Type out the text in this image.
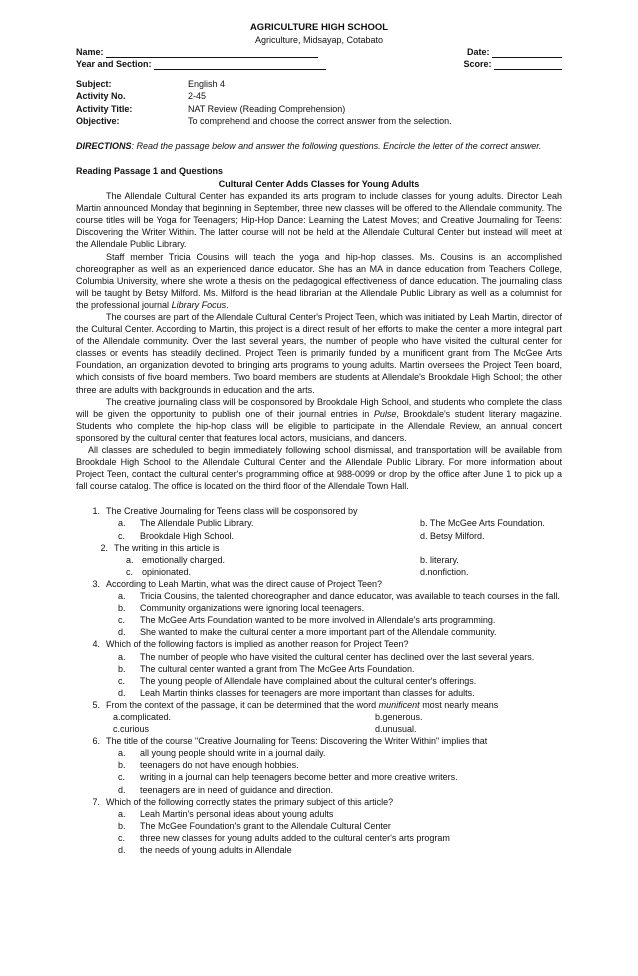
AGRICULTURE HIGH SCHOOL
Agriculture, Midsayap, Cotabato
Name:	Date:
Year and Section:	Score:
Subject:	English 4
Activity No.	2-45
Activity Title:	NAT Review (Reading Comprehension)
Objective:	To comprehend and choose the correct answer from the selection.
DIRECTIONS: Read the passage below and answer the following questions. Encircle the letter of the correct answer.
Reading Passage 1 and Questions
Cultural Center Adds Classes for Young Adults

The Allendale Cultural Center has expanded its arts program to include classes for young adults. Director Leah Martin announced Monday that beginning in September, three new classes will be offered to the Allendale community. The course titles will be Yoga for Teenagers; Hip-Hop Dance: Learning the Latest Moves; and Creative Journaling for Teens: Discovering the Writer Within. The latter course will not be held at the Allendale Cultural Center but instead will meet at the Allendale Public Library.

Staff member Tricia Cousins will teach the yoga and hip-hop classes. Ms. Cousins is an accomplished choreographer as well as an experienced dance educator. She has an MA in dance education from Teachers College, Columbia University, where she wrote a thesis on the pedagogical effectiveness of dance education. The journaling class will be taught by Betsy Milford. Ms. Milford is the head librarian at the Allendale Public Library as well as a columnist for the professional journal Library Focus.

The courses are part of the Allendale Cultural Center's Project Teen, which was initiated by Leah Martin, director of the Cultural Center. According to Martin, this project is a direct result of her efforts to make the center a more integral part of the Allendale community. Over the last several years, the number of people who have visited the cultural center for classes or events has steadily declined. Project Teen is primarily funded by a munificent grant from The McGee Arts Foundation, an organization devoted to bringing arts programs to young adults. Martin oversees the Project Teen board, which consists of five board members. Two board members are students at Allendale's Brookdale High School; the other three are adults with backgrounds in education and the arts.

The creative journaling class will be cosponsored by Brookdale High School, and students who complete the class will be given the opportunity to publish one of their journal entries in Pulse, Brookdale's student literary magazine. Students who complete the hip-hop class will be eligible to participate in the Allendale Review, an annual concert sponsored by the cultural center that features local actors, musicians, and dancers.

All classes are scheduled to begin immediately following school dismissal, and transportation will be available from Brookdale High School to the Allendale Cultural Center and the Allendale Public Library. For more information about Project Teen, contact the cultural center's programming office at 988-0099 or drop by the office after June 1 to pick up a fall course catalog. The office is located on the third floor of the Allendale Town Hall.

1. The Creative Journaling for Teens class will be cosponsored by
a.	The Allendale Public Library.	b. The McGee Arts Foundation.
c.	Brookdale High School.	d. Betsy Milford.
2. The writing in this article is
a. emotionally charged.	b. literary.
c. opinionated.	d.nonfiction.
3. According to Leah Martin, what was the direct cause of Project Teen?
a.	Tricia Cousins, the talented choreographer and dance educator, was available to teach courses in the fall.
b.	Community organizations were ignoring local teenagers.
c.	The McGee Arts Foundation wanted to be more involved in Allendale's arts programming.
d.	She wanted to make the cultural center a more important part of the Allendale community.
4. Which of the following factors is implied as another reason for Project Teen?
a.	The number of people who have visited the cultural center has declined over the last several years.
b.	The cultural center wanted a grant from The McGee Arts Foundation.
c.	The young people of Allendale have complained about the cultural center's offerings.
d.	Leah Martin thinks classes for teenagers are more important than classes for adults.
5. From the context of the passage, it can be determined that the word munificent most nearly means
a.complicated.	b.generous.
c.curious	d.unusual.
6. The title of the course "Creative Journaling for Teens: Discovering the Writer Within" implies that
a.	all young people should write in a journal daily.
b.	teenagers do not have enough hobbies.
c.	writing in a journal can help teenagers become better and more creative writers.
d.	teenagers are in need of guidance and direction.
7. Which of the following correctly states the primary subject of this article?
a.	Leah Martin's personal ideas about young adults
b.	The McGee Foundation's grant to the Allendale Cultural Center
c.	three new classes for young adults added to the cultural center's arts program
d.	the needs of young adults in Allendale
